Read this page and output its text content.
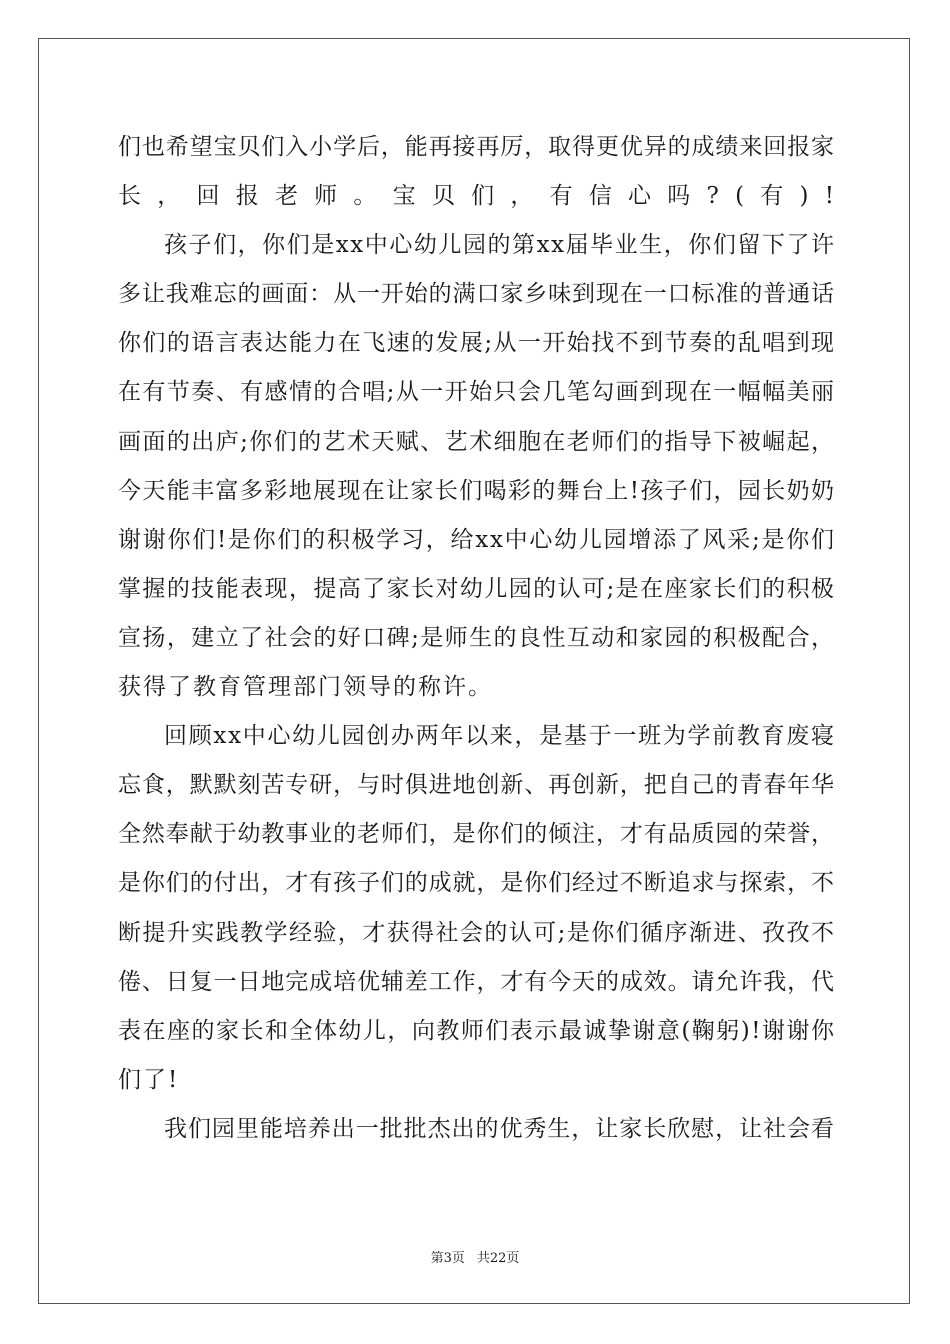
们也希望宝贝们入小学后，能再接再厉，取得更优异的成绩来回报家
长，回报老师。宝贝们，有信心吗?(有)!
孩子们，你们是xx中心幼儿园的第xx届毕业生，你们留下了许
多让我难忘的画面：从一开始的满口家乡味到现在一口标准的普通话
你们的语言表达能力在飞速的发展;从一开始找不到节奏的乱唱到现
在有节奏、有感情的合唱;从一开始只会几笔勾画到现在一幅幅美丽
画面的出庐;你们的艺术天赋、艺术细胞在老师们的指导下被崛起，
今天能丰富多彩地展现在让家长们喝彩的舞台上!孩子们，园长奶奶
谢谢你们!是你们的积极学习，给xx中心幼儿园增添了风采;是你们
掌握的技能表现，提高了家长对幼儿园的认可;是在座家长们的积极
宣扬，建立了社会的好口碑;是师生的良性互动和家园的积极配合，
获得了教育管理部门领导的称许。
回顾xx中心幼儿园创办两年以来，是基于一班为学前教育废寝
忘食，默默刻苦专研，与时俱进地创新、再创新，把自己的青春年华
全然奉献于幼教事业的老师们，是你们的倾注，才有品质园的荣誉，
是你们的付出，才有孩子们的成就，是你们经过不断追求与探索，不
断提升实践教学经验，才获得社会的认可;是你们循序渐进、孜孜不
倦、日复一日地完成培优辅差工作，才有今天的成效。请允许我，代
表在座的家长和全体幼儿，向教师们表示最诚挚谢意(鞠躬)!谢谢你
们了!
我们园里能培养出一批批杰出的优秀生，让家长欣慰，让社会看
第3页 共22页
